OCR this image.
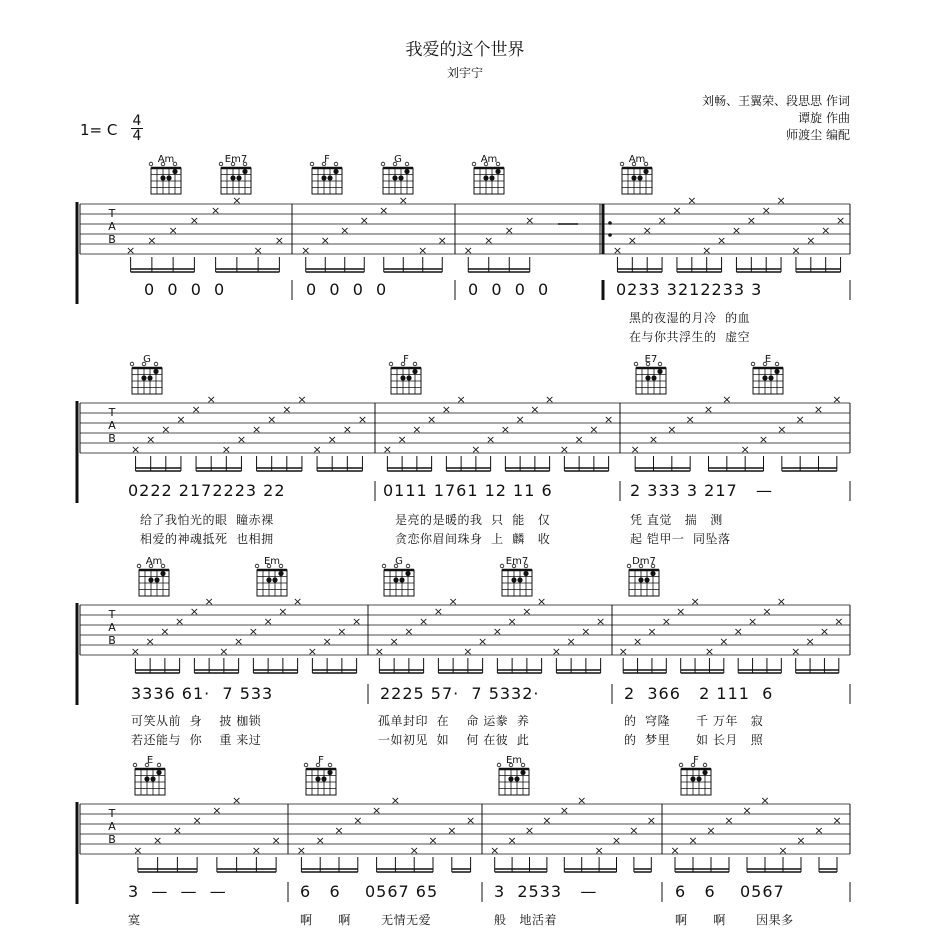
我爱的这个世界
刘宇宁
刘畅、王翼荣、段思思 作词
谭旋 作曲
师渡尘 编配
1= C 4
4
Am	Em7	F	G	Am	Am
G	F	E7	E
Am	Em	G	Em7	Dm7
E	F	Em	F
T
A
B
×
×
×
×
×
×
×
×
×
×
×
×
×
×
×
×
×
×
×
×
×
×
×
×
×
×
×
×
×
×
×
×
×
×
×
×
T
A
B
×
×
×
×
×
×
×
×
×
×
×
×
×
×
×
×
×
×
×
×
×
×
×
×
×
×
×
×
×
×
×
×
×
×
×
×
×
×
×
×
×
×
×
×
T
A
B
×
×
×
×
×
×
×
×
×
×
×
×
×
×
×
×
×
×
×
×
×
×
×
×
×
×
×
×
×
×
×
×
×
×
×
×
×
×
×
×
×
×
×
×
×
×
×
×
T
A
B
×
×
×
×
×
×
×
×
×
×
×
×
×
×
×
×
×
×
×
×
×
×
×
×
×
×
×
×
×
×
×
×
×
×
×
×
×
×
0  0  0  0	0  0  0  0	0  0  0  0	0233 3212233 3
黑的夜湿的月冷  的血
在与你共浮生的  虚空
0222 2172223 22	0111 1761 12 11 6	2 333 3 217   —
给了我怕光的眼  瞳赤裸
相爱的神魂抵死  也相拥
是亮的是暖的我  只  能   仅
贪恋你眉间珠身  上  麟   收
凭 直觉   揣   测
起 铠甲一  同坠落
3336 61·  7 533	2225 57·  7 5332·	2  366   2 111  6
可笑从前  身    披 枷锁
若还能与  你    重 来过
孤单封印  在    命 运豢  养
一如初见  如    何 在彼  此
的  穹隆      千 万年   寂
的  梦里      如 长月   照
3  —  —  —	6   6    0567 65	3  2533   —	6   6    0567
寞	啊      啊       无情无爱	般   地活着	啊      啊       因果多
